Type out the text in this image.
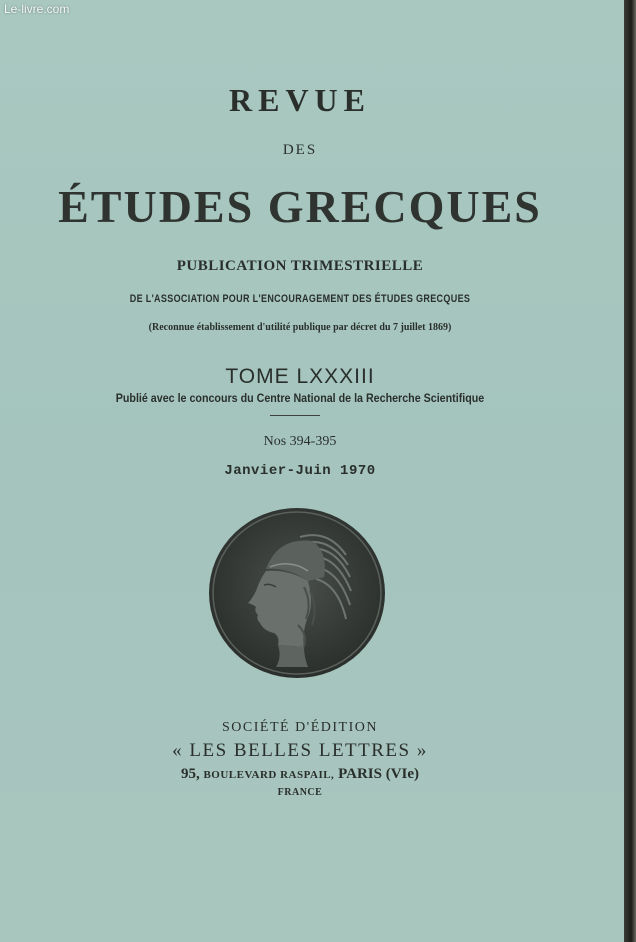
REVUE
DES
ÉTUDES GRECQUES
PUBLICATION TRIMESTRIELLE
DE L'ASSOCIATION POUR L'ENCOURAGEMENT DES ÉTUDES GRECQUES
(Reconnue établissement d'utilité publique par décret du 7 juillet 1869)
TOME LXXXIII
Publié avec le concours du Centre National de la Recherche Scientifique
Nos 394-395
Janvier-Juin 1970
SOCIÉTÉ D'ÉDITION
« LES BELLES LETTRES »
95, BOULEVARD RASPAIL, PARIS (VIe)
FRANCE
Le-livre.com
